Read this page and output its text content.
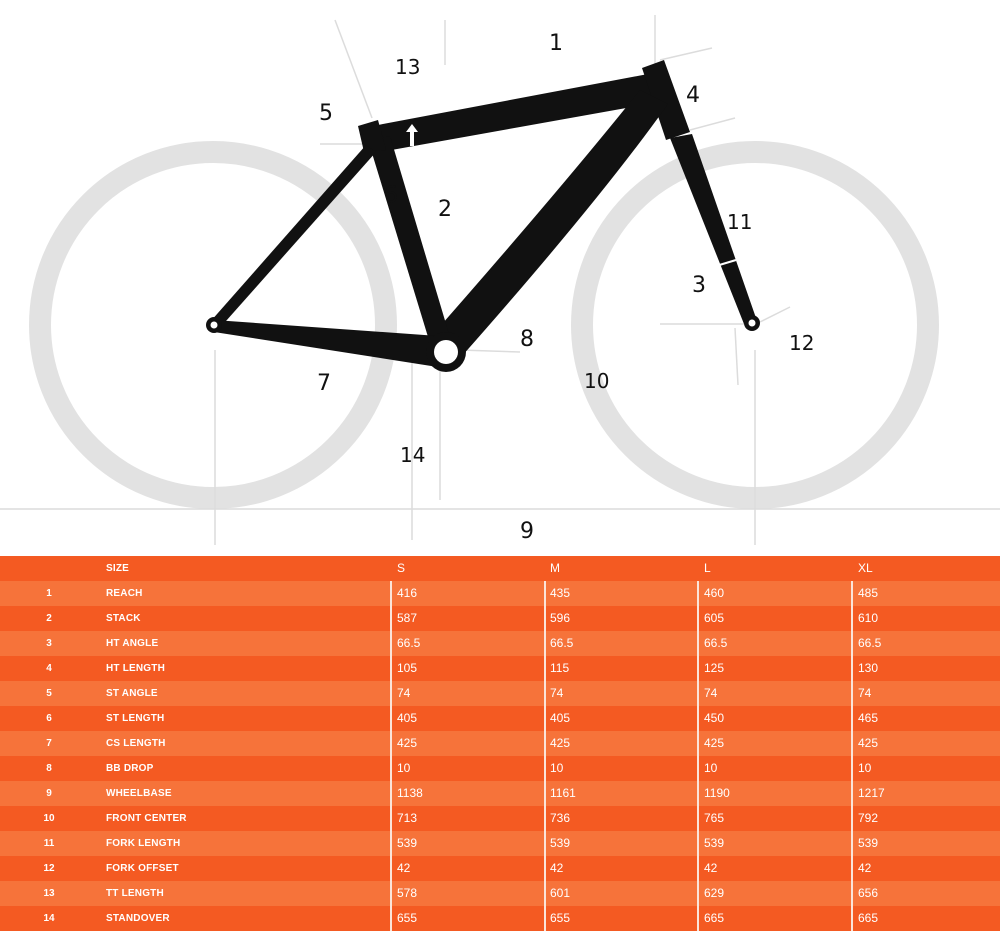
1
13
4
5
6
2	11
3
8	12
7	10
14
9
SIZE	S	M	L	XL
1	REACH	416	435	460	485
2	STACK	587	596	605	610
3	HT ANGLE	66.5	66.5	66.5	66.5
4	HT LENGTH	105	115	125	130
5	ST ANGLE	74	74	74	74
6	ST LENGTH	405	405	450	465
7	CS LENGTH	425	425	425	425
8	BB DROP	10	10	10	10
9	WHEELBASE	1138	1161	1190	1217
10	FRONT CENTER	713	736	765	792
11	FORK LENGTH	539	539	539	539
12	FORK OFFSET	42	42	42	42
13	TT LENGTH	578	601	629	656
14	STANDOVER	655	655	665	665
